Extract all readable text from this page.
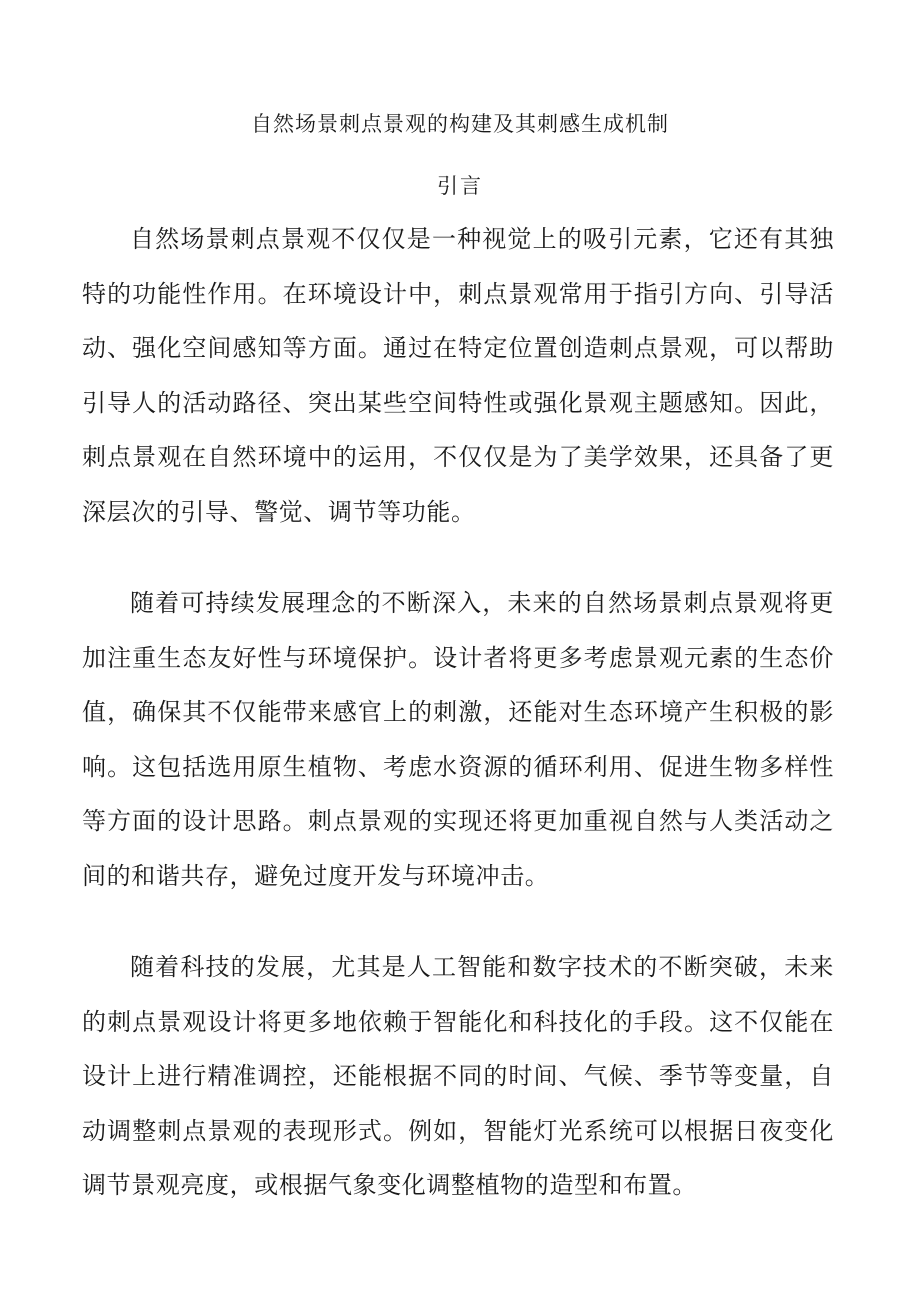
自然场景刺点景观的构建及其刺感生成机制
引言

自然场景刺点景观不仅仅是一种视觉上的吸引元素，它还有其独特的功能性作用。在环境设计中，刺点景观常用于指引方向、引导活动、强化空间感知等方面。通过在特定位置创造刺点景观，可以帮助引导人的活动路径、突出某些空间特性或强化景观主题感知。因此，刺点景观在自然环境中的运用，不仅仅是为了美学效果，还具备了更深层次的引导、警觉、调节等功能。

随着可持续发展理念的不断深入，未来的自然场景刺点景观将更加注重生态友好性与环境保护。设计者将更多考虑景观元素的生态价值，确保其不仅能带来感官上的刺激，还能对生态环境产生积极的影响。这包括选用原生植物、考虑水资源的循环利用、促进生物多样性等方面的设计思路。刺点景观的实现还将更加重视自然与人类活动之间的和谐共存，避免过度开发与环境冲击。

随着科技的发展，尤其是人工智能和数字技术的不断突破，未来的刺点景观设计将更多地依赖于智能化和科技化的手段。这不仅能在设计上进行精准调控，还能根据不同的时间、气候、季节等变量，自动调整刺点景观的表现形式。例如，智能灯光系统可以根据日夜变化调节景观亮度，或根据气象变化调整植物的造型和布置。
